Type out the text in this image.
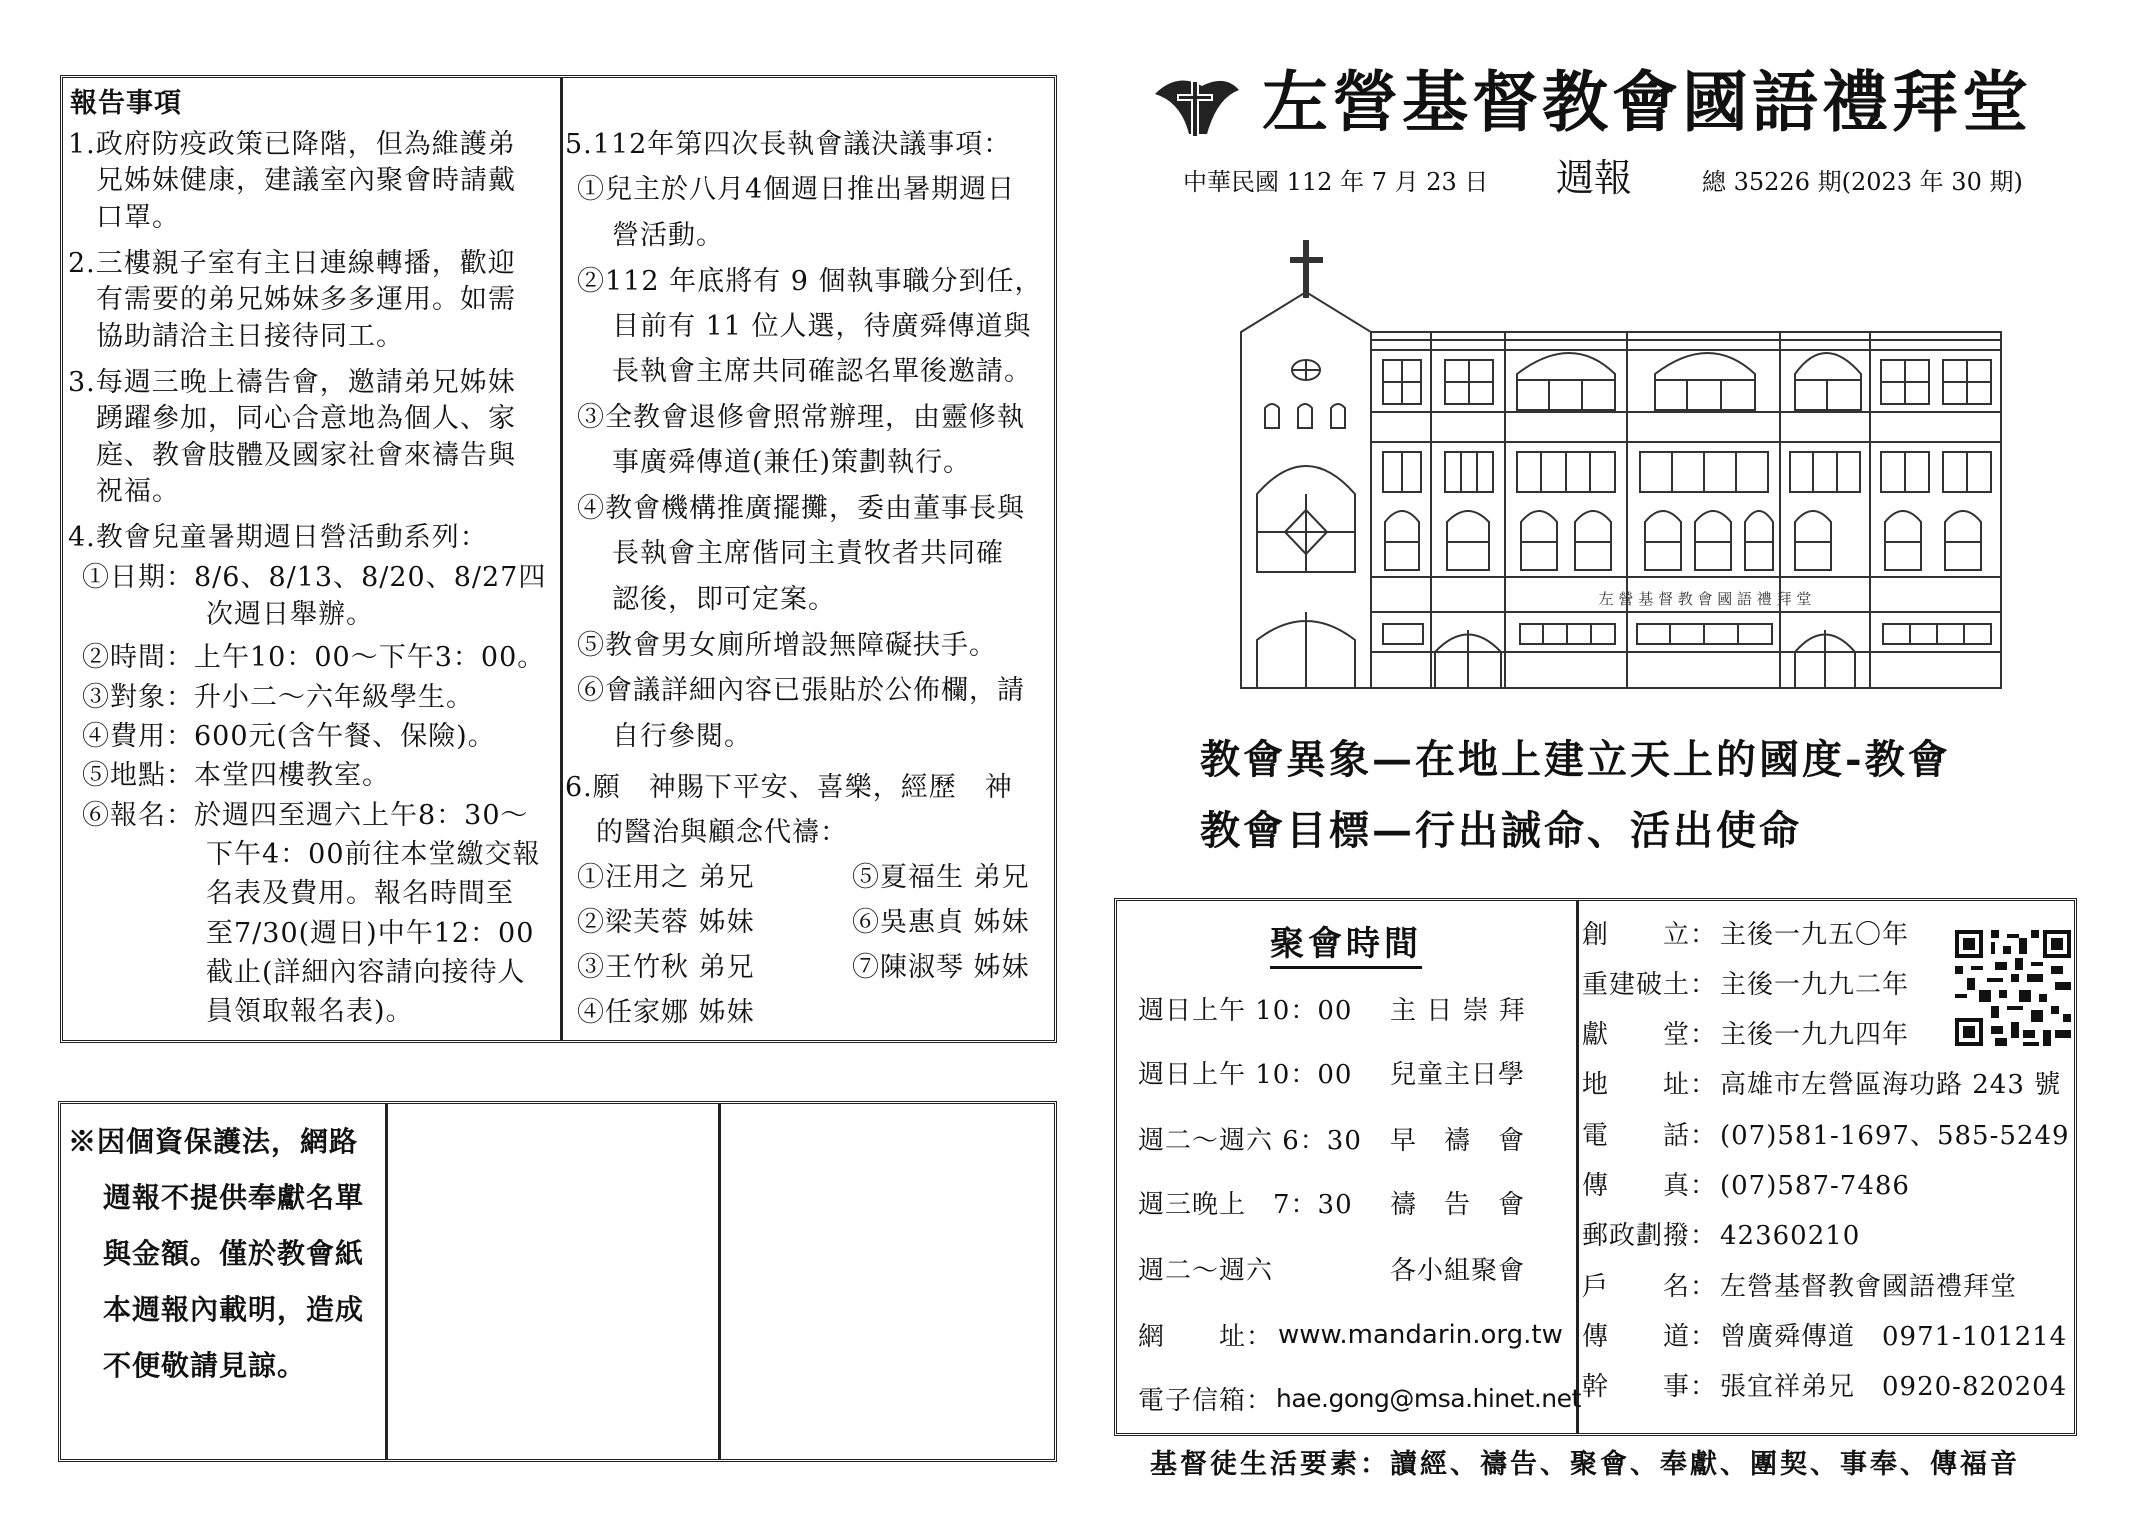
報告事項
1.政府防疫政策已降階，但為維護弟
兄姊妹健康，建議室內聚會時請戴
口罩。
2.三樓親子室有主日連線轉播，歡迎
有需要的弟兄姊妹多多運用。如需
協助請洽主日接待同工。
3.每週三晚上禱告會，邀請弟兄姊妹
踴躍參加，同心合意地為個人、家
庭、教會肢體及國家社會來禱告與
祝福。
4.教會兒童暑期週日營活動系列：
①日期：8/6、8/13、8/20、8/27四
次週日舉辦。
②時間：上午10：00～下午3：00。
③對象：升小二～六年級學生。
④費用：600元(含午餐、保險)。
⑤地點：本堂四樓教室。
⑥報名：於週四至週六上午8：30～
下午4：00前往本堂繳交報
名表及費用。報名時間至
至7/30(週日)中午12：00
截止(詳細內容請向接待人
員領取報名表)。
5.112年第四次長執會議決議事項：
①兒主於八月4個週日推出暑期週日
營活動。
②112 年底將有 9 個執事職分到任，
目前有 11 位人選，待廣舜傳道與
長執會主席共同確認名單後邀請。
③全教會退修會照常辦理，由靈修執
事廣舜傳道(兼任)策劃執行。
④教會機構推廣擺攤，委由董事長與
長執會主席偕同主責牧者共同確
認後，即可定案。
⑤教會男女廁所增設無障礙扶手。
⑥會議詳細內容已張貼於公佈欄，請
自行參閱。
6.願　神賜下平安、喜樂，經歷　神
的醫治與顧念代禱：
①汪用之 弟兄
②梁芙蓉 姊妹
③王竹秋 弟兄
④任家娜 姊妹
⑤夏福生 弟兄
⑥吳惠貞 姊妹
⑦陳淑琴 姊妹
※因個資保護法，網路
週報不提供奉獻名單
與金額。僅於教會紙
本週報內載明，造成
不便敬請見諒。
左營基督教會國語禮拜堂
中華民國 112 年 7 月 23 日 週報	總 35226 期(2023 年 30 期)
左 營 基 督 教 會 國 語 禮 拜 堂
教會異象—在地上建立天上的國度-教會
教會目標—行出誡命、活出使命
聚會時間
週日上午 10：00 主 日 崇 拜
週日上午 10：00 兒童主日學
週二～週六 6：30 早　禱　會
週三晚上　7：30 禱　告　會
週二～週六	各小組聚會
網　　址： www.mandarin.org.tw
電子信箱： hae.gong@msa.hinet.net
創　　立： 主後一九五〇年
重建破土： 主後一九九二年
獻　　堂： 主後一九九四年
地　　址： 高雄市左營區海功路 243 號
電　　話： (07)581-1697、585-5249
傳　　真： (07)587-7486
郵政劃撥： 42360210
戶　　名： 左營基督教會國語禮拜堂
傳　　道： 曾廣舜傳道　0971-101214
幹　　事： 張宜祥弟兄　0920-820204
基督徒生活要素：讀經、禱告、聚會、奉獻、團契、事奉、傳福音
